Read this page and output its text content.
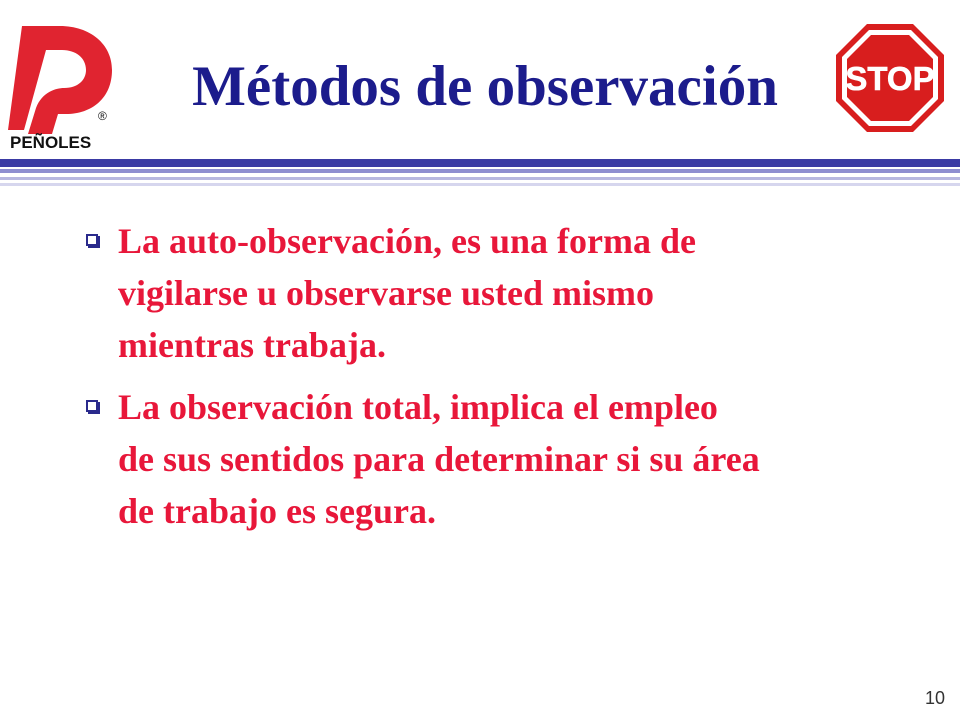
®
PEÑOLES
Métodos de observación	STOP
La auto-observación, es una forma de
vigilarse u observarse usted mismo
mientras trabaja.
La observación total, implica el empleo
de sus sentidos para determinar si su área
de trabajo es segura.
10
